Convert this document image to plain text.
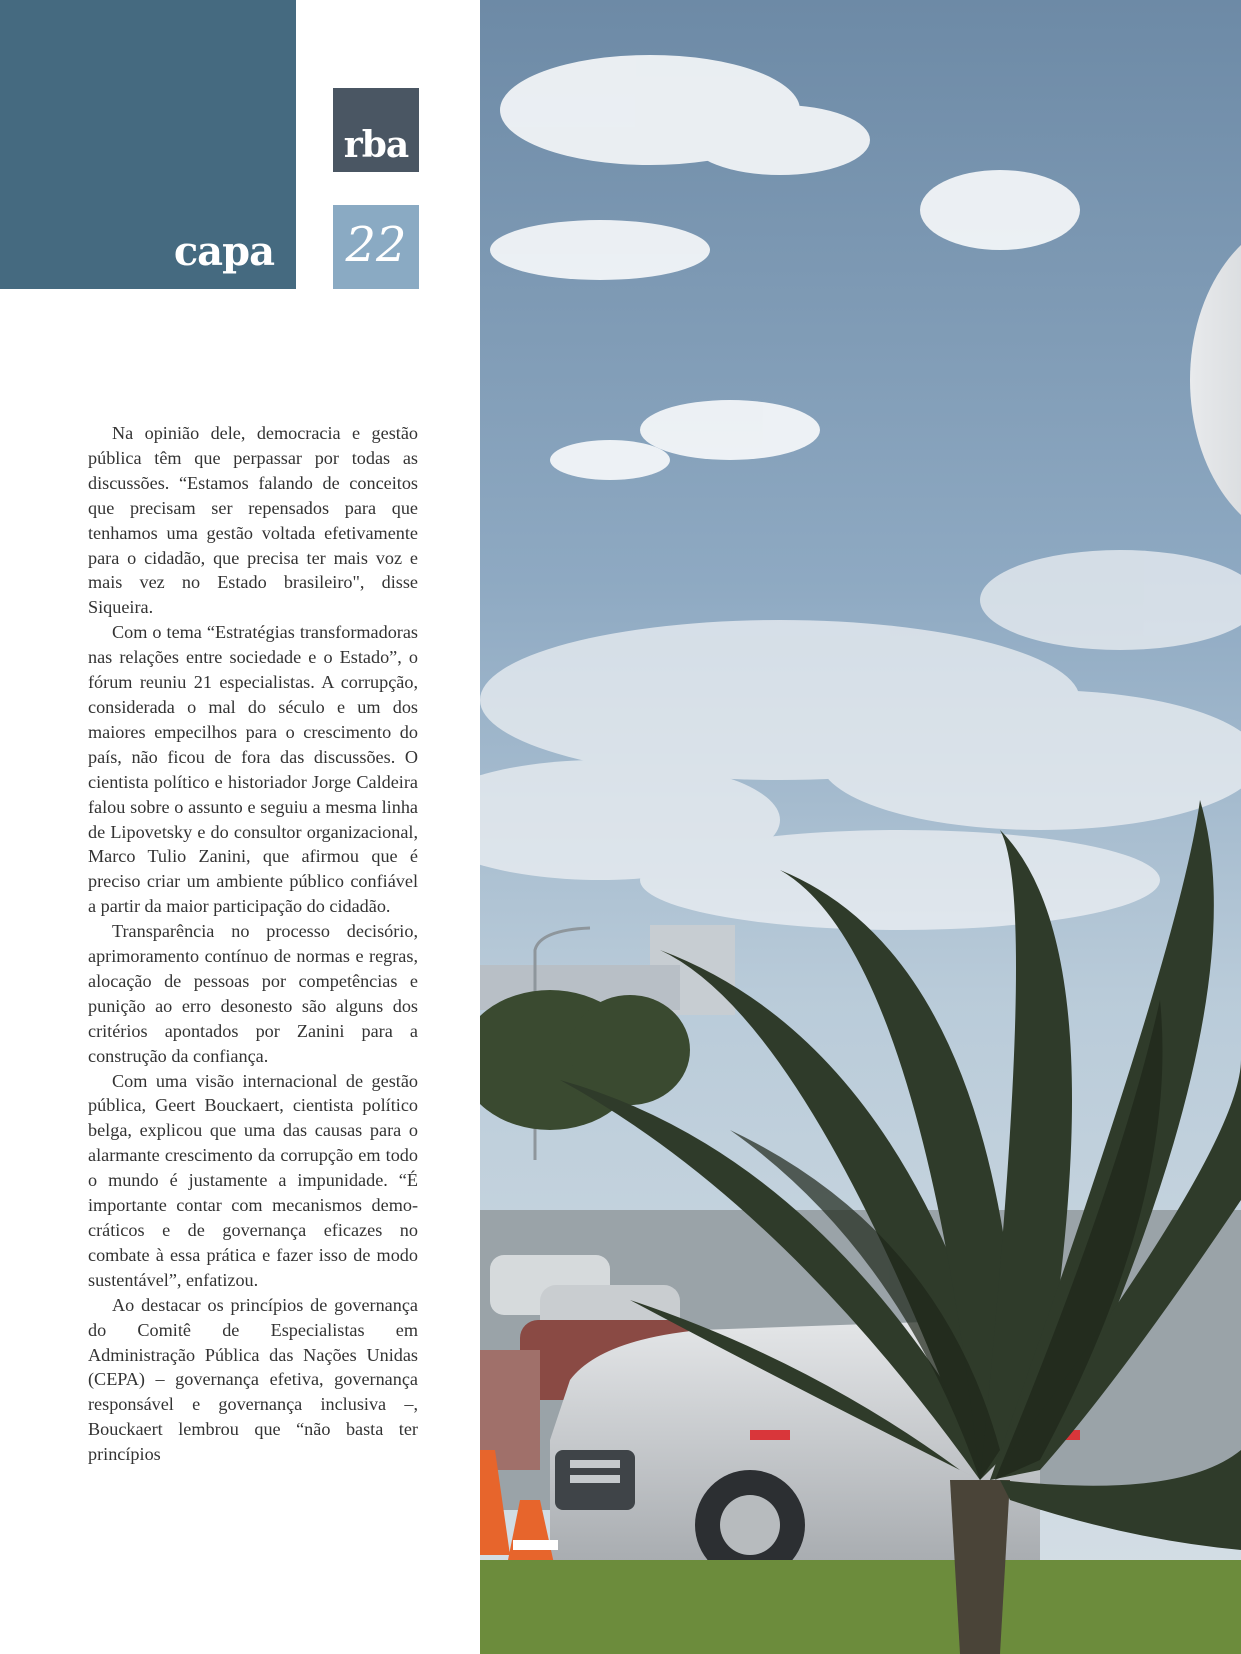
capa
rba
22

Na opinião dele, democracia e gestão pública têm que perpassar por todas as discussões. “Estamos falando de conceitos que precisam ser repensados para que tenhamos uma gestão voltada efetivamente para o cidadão, que precisa ter mais voz e mais vez no Estado brasileiro", disse Siqueira.

Com o tema “Estratégias transformadoras nas relações entre sociedade e o Estado”, o fórum reuniu 21 especialistas. A corrupção, considerada o mal do século e um dos maiores empecilhos para o crescimento do país, não ficou de fora das discussões. O cientista político e historiador Jorge Caldeira falou sobre o assunto e seguiu a mesma linha de Lipovetsky e do consultor organizacional, Marco Tulio Zanini, que afirmou que é preciso criar um ambiente público confiável a partir da maior participação do cidadão.

Transparência no processo decisório, aprimoramento contínuo de normas e regras, alocação de pessoas por competências e punição ao erro desonesto são alguns dos critérios apontados por Zanini para a construção da confiança.

Com uma visão internacional de gestão pública, Geert Bouckaert, cientista político belga, explicou que uma das causas para o alarmante crescimento da corrupção em todo o mundo é justamente a impunidade. “É importante contar com mecanismos democráticos e de governança eficazes no combate à essa prática e fazer isso de modo sustentável”, enfatizou.

Ao destacar os princípios de governança do Comitê de Especialistas em Administração Pública das Nações Unidas (CEPA) – governança efetiva, governança responsável e governança inclusiva –, Bouckaert lembrou que “não basta ter princípios
